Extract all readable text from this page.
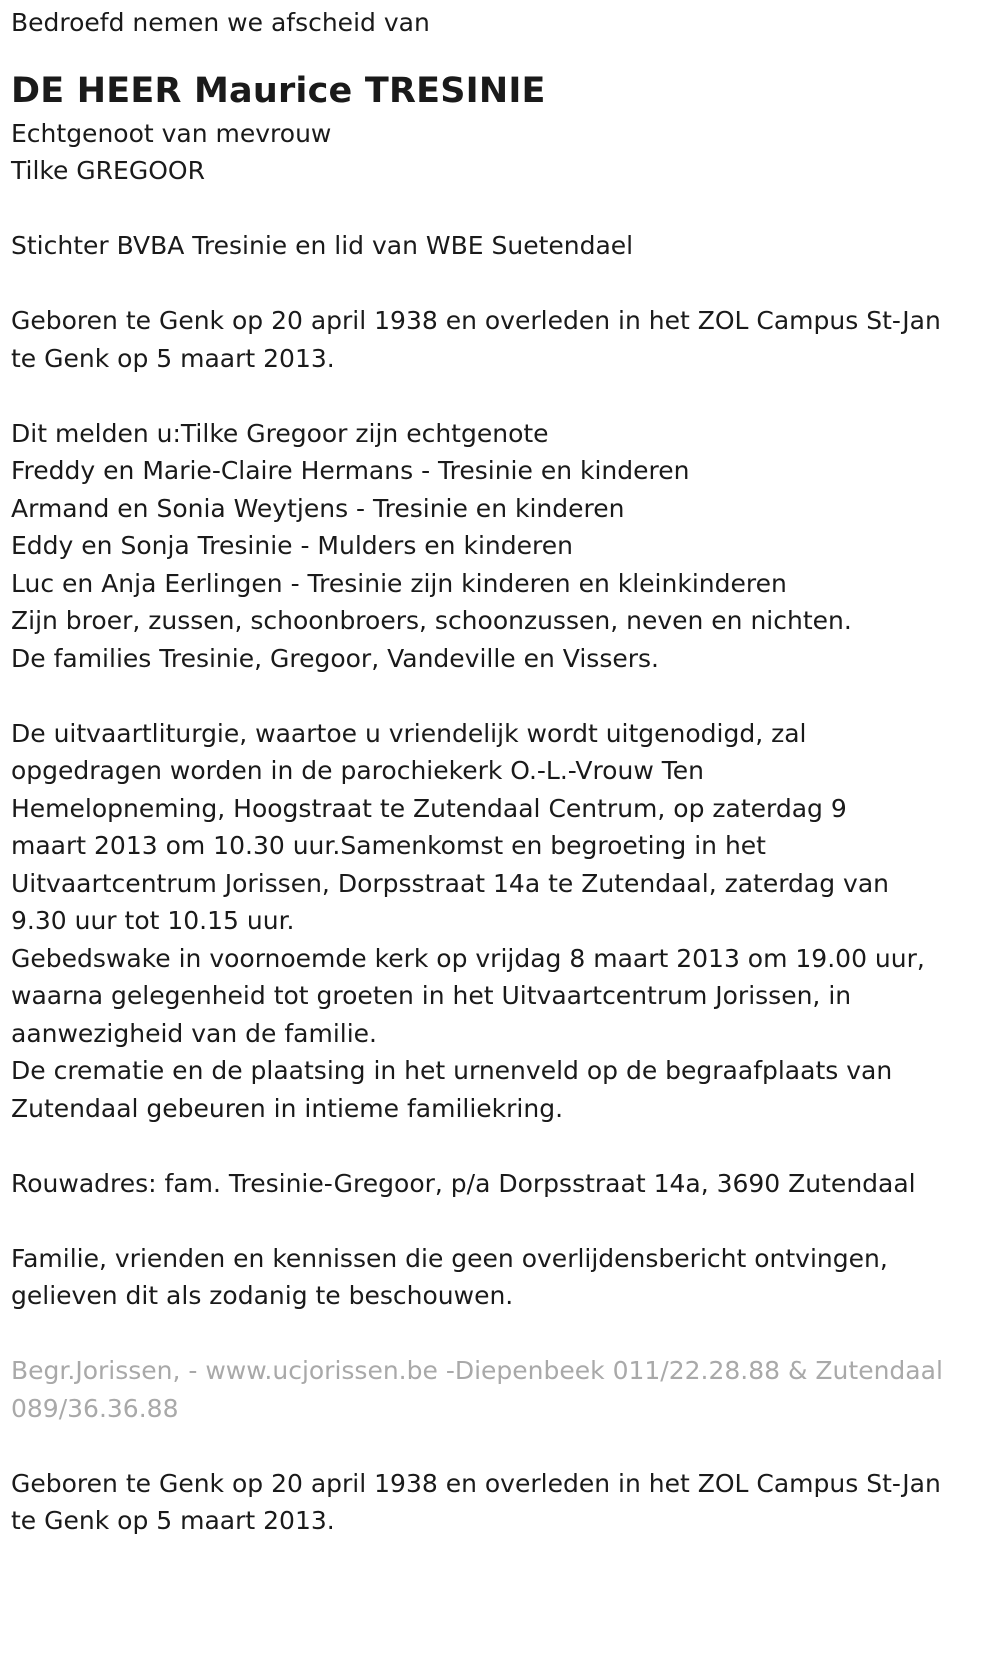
Bedroefd nemen we afscheid van

DE HEER Maurice TRESINIE

Echtgenoot van mevrouw

Tilke GREGOOR

Stichter BVBA Tresinie en lid van WBE Suetendael

Geboren te Genk op 20 april 1938 en overleden in het ZOL Campus St-Jan

te Genk op 5 maart 2013.

Dit melden u:Tilke Gregoor zijn echtgenote

Freddy en Marie-Claire Hermans - Tresinie en kinderen

Armand en Sonia Weytjens - Tresinie en kinderen

Eddy en Sonja Tresinie - Mulders en kinderen

Luc en Anja Eerlingen - Tresinie zijn kinderen en kleinkinderen

Zijn broer, zussen, schoonbroers, schoonzussen, neven en nichten.

De families Tresinie, Gregoor, Vandeville en Vissers.

De uitvaartliturgie, waartoe u vriendelijk wordt uitgenodigd, zal

opgedragen worden in de parochiekerk O.-L.-Vrouw Ten

Hemelopneming, Hoogstraat te Zutendaal Centrum, op zaterdag 9

maart 2013 om 10.30 uur.Samenkomst en begroeting in het

Uitvaartcentrum Jorissen, Dorpsstraat 14a te Zutendaal, zaterdag van

9.30 uur tot 10.15 uur.

Gebedswake in voornoemde kerk op vrijdag 8 maart 2013 om 19.00 uur,

waarna gelegenheid tot groeten in het Uitvaartcentrum Jorissen, in

aanwezigheid van de familie.

De crematie en de plaatsing in het urnenveld op de begraafplaats van

Zutendaal gebeuren in intieme familiekring.

Rouwadres: fam. Tresinie-Gregoor, p/a Dorpsstraat 14a, 3690 Zutendaal

Familie, vrienden en kennissen die geen overlijdensbericht ontvingen,

gelieven dit als zodanig te beschouwen.

Begr.Jorissen, - www.ucjorissen.be -Diepenbeek 011/22.28.88 & Zutendaal

089/36.36.88

Geboren te Genk op 20 april 1938 en overleden in het ZOL Campus St-Jan

te Genk op 5 maart 2013.
